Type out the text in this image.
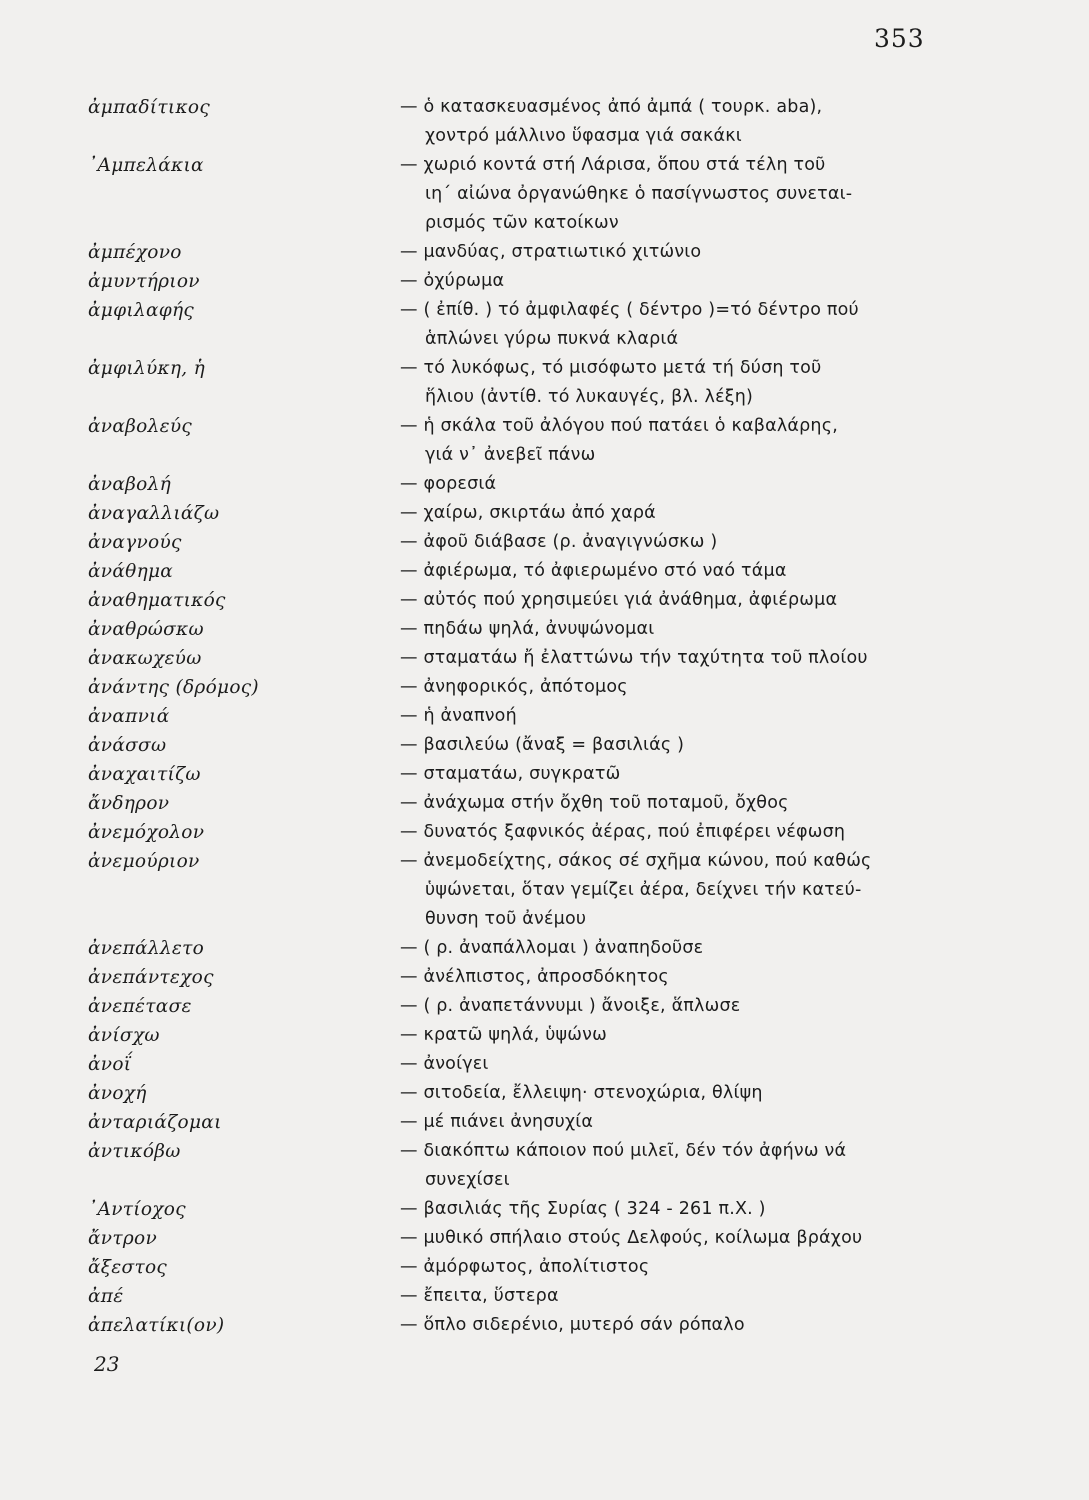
353
ἀμπαδίτικος	— ὁ κατασκευασμένος ἀπό ἀμπά ( τουρκ. aba),
χοντρό μάλλινο ὕφασμα γιά σακάκι
᾿Αμπελάκια	— χωριό κοντά στή Λάρισα, ὅπου στά τέλη τοῦ
ιη΄ αἰώνα ὀργανώθηκε ὁ πασίγνωστος συνεται-
ρισμός τῶν κατοίκων
ἀμπέχονο	— μανδύας, στρατιωτικό χιτώνιο
ἀμυντήριον	— ὀχύρωμα
ἀμφιλαφής	— ( ἐπίθ. ) τό ἀμφιλαφές ( δέντρο )=τό δέντρο πού
ἁπλώνει γύρω πυκνά κλαριά
ἀμφιλύκη, ἡ	— τό λυκόφως, τό μισόφωτο μετά τή δύση τοῦ
ἥλιου (ἀντίθ. τό λυκαυγές, βλ. λέξη)
ἀναβολεύς	— ἡ σκάλα τοῦ ἀλόγου πού πατάει ὁ καβαλάρης,
γιά ν᾿ ἀνεβεῖ πάνω
ἀναβολή	— φορεσιά
ἀναγαλλιάζω	— χαίρω, σκιρτάω ἀπό χαρά
ἀναγνούς	— ἀφοῦ διάβασε (ρ. ἀναγιγνώσκω )
ἀνάθημα	— ἀφιέρωμα, τό ἀφιερωμένο στό ναό τάμα
ἀναθηματικός	— αὐτός πού χρησιμεύει γιά ἀνάθημα, ἀφιέρωμα
ἀναθρώσκω	— πηδάω ψηλά, ἀνυψώνομαι
ἀνακωχεύω	— σταματάω ἤ ἐλαττώνω τήν ταχύτητα τοῦ πλοίου
ἀνάντης (δρόμος)	— ἀνηφορικός, ἀπότομος
ἀναπνιά	— ἡ ἀναπνοή
ἀνάσσω	— βασιλεύω (ἄναξ = βασιλιάς )
ἀναχαιτίζω	— σταματάω, συγκρατῶ
ἄνδηρον	— ἀνάχωμα στήν ὄχθη τοῦ ποταμοῦ, ὄχθος
ἀνεμόχολον	— δυνατός ξαφνικός ἀέρας, πού ἐπιφέρει νέφωση
ἀνεμούριον	— ἀνεμοδείχτης, σάκος σέ σχῆμα κώνου, πού καθώς
ὑψώνεται, ὅταν γεμίζει ἀέρα, δείχνει τήν κατεύ-
θυνση τοῦ ἀνέμου
ἀνεπάλλετο	— ( ρ. ἀναπάλλομαι ) ἀναπηδοῦσε
ἀνεπάντεχος	— ἀνέλπιστος, ἀπροσδόκητος
ἀνεπέτασε	— ( ρ. ἀναπετάννυμι ) ἄνοιξε, ἅπλωσε
ἀνίσχω	— κρατῶ ψηλά, ὑψώνω
ἀνοΐ	— ἀνοίγει
ἀνοχή	— σιτοδεία, ἔλλειψη· στενοχώρια, θλίψη
ἀνταριάζομαι	— μέ πιάνει ἀνησυχία
ἀντικόβω	— διακόπτω κάποιον πού μιλεῖ, δέν τόν ἀφήνω νά
συνεχίσει
᾿Αντίοχος	— βασιλιάς τῆς Συρίας ( 324 - 261 π.Χ. )
ἄντρον	— μυθικό σπήλαιο στούς Δελφούς, κοίλωμα βράχου
ἄξεστος	— ἀμόρφωτος, ἀπολίτιστος
ἀπέ	— ἔπειτα, ὕστερα
ἀπελατίκι(ον)	— ὅπλο σιδερένιο, μυτερό σάν ρόπαλο
23
